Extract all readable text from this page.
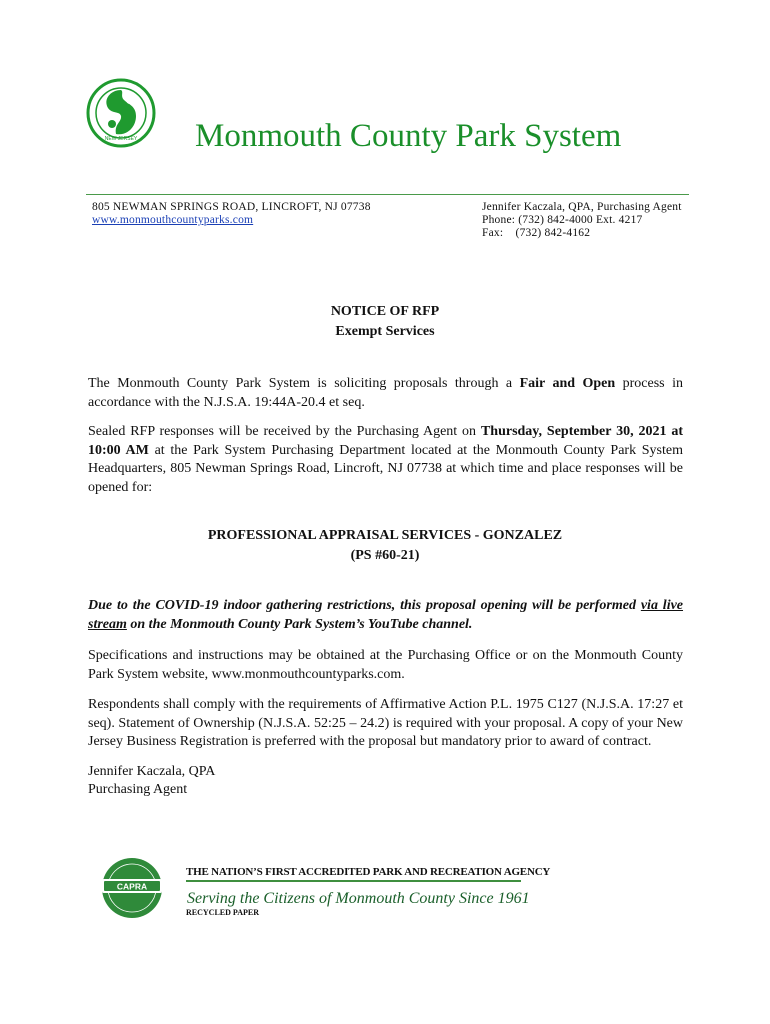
NEW JERSEY Monmouth County Park System
805 NEWMAN SPRINGS ROAD, LINCROFT, NJ 07738
www.monmouthcountyparks.com
Jennifer Kaczala, QPA, Purchasing Agent
Phone: (732) 842-4000 Ext. 4217
Fax:    (732) 842-4162
NOTICE OF RFP
Exempt Services
The Monmouth County Park System is soliciting proposals through a Fair and Open process in accordance with the N.J.S.A. 19:44A-20.4 et seq.
Sealed RFP responses will be received by the Purchasing Agent on Thursday, September 30, 2021 at 10:00 AM at the Park System Purchasing Department located at the Monmouth County Park System Headquarters, 805 Newman Springs Road, Lincroft, NJ 07738 at which time and place responses will be opened for:
PROFESSIONAL APPRAISAL SERVICES - GONZALEZ
(PS #60-21)
Due to the COVID-19 indoor gathering restrictions, this proposal opening will be performed via live stream on the Monmouth County Park System’s YouTube channel.
Specifications and instructions may be obtained at the Purchasing Office or on the Monmouth County Park System website, www.monmouthcountyparks.com.
Respondents shall comply with the requirements of Affirmative Action P.L. 1975 C127 (N.J.S.A. 17:27 et seq). Statement of Ownership (N.J.S.A. 52:25 – 24.2) is required with your proposal. A copy of your New Jersey Business Registration is preferred with the proposal but mandatory prior to award of contract.
Jennifer Kaczala, QPA
Purchasing Agent
CAPRA
THE NATION’S FIRST ACCREDITED PARK AND RECREATION AGENCY
Serving the Citizens of Monmouth County Since 1961
RECYCLED PAPER
